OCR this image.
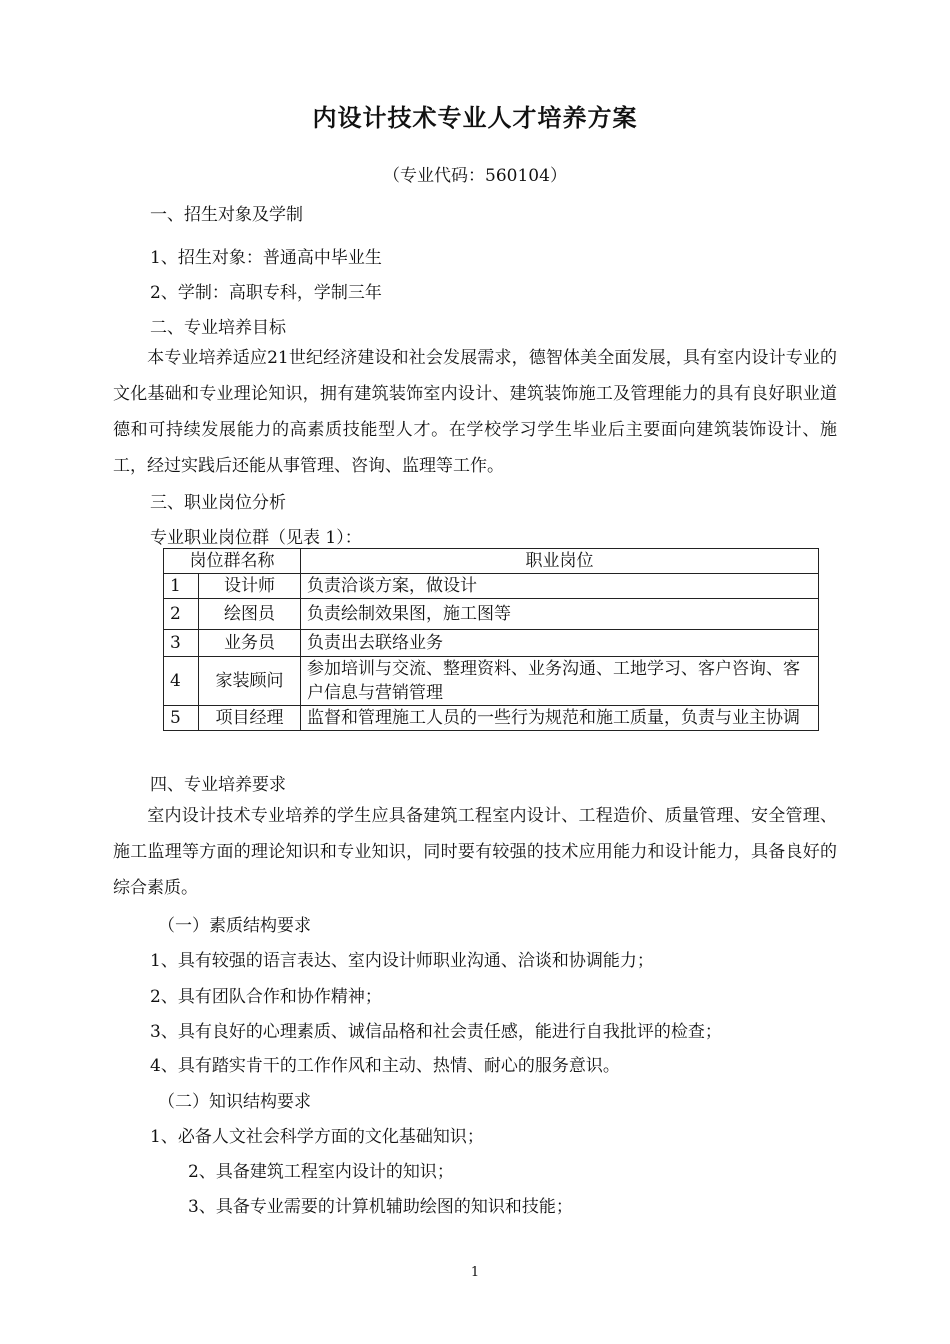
内设计技术专业人才培养方案
（专业代码：560104）
一、招生对象及学制
1、招生对象：普通高中毕业生
2、学制：高职专科，学制三年
二、专业培养目标
本专业培养适应21世纪经济建设和社会发展需求，德智体美全面发展，具有室内设计专业的文化基础和专业理论知识，拥有建筑装饰室内设计、建筑装饰施工及管理能力的具有良好职业道德和可持续发展能力的高素质技能型人才。在学校学习学生毕业后主要面向建筑装饰设计、施工，经过实践后还能从事管理、咨询、监理等工作。
三、职业岗位分析
专业职业岗位群（见表 1）：
岗位群名称		职业岗位
1	设计师	负责洽谈方案，做设计
2	绘图员	负责绘制效果图，施工图等
3	业务员	负责出去联络业务
4	家装顾问	参加培训与交流、整理资料、业务沟通、工地学习、客户咨询、客户信息与营销管理
5	项目经理	监督和管理施工人员的一些行为规范和施工质量，负责与业主协调
四、专业培养要求
室内设计技术专业培养的学生应具备建筑工程室内设计、工程造价、质量管理、安全管理、施工监理等方面的理论知识和专业知识，同时要有较强的技术应用能力和设计能力，具备良好的综合素质。
（一）素质结构要求
1、具有较强的语言表达、室内设计师职业沟通、洽谈和协调能力；
2、具有团队合作和协作精神；
3、具有良好的心理素质、诚信品格和社会责任感，能进行自我批评的检查；
4、具有踏实肯干的工作作风和主动、热情、耐心的服务意识。
（二）知识结构要求
1、必备人文社会科学方面的文化基础知识；
2、具备建筑工程室内设计的知识；
3、具备专业需要的计算机辅助绘图的知识和技能；
1
